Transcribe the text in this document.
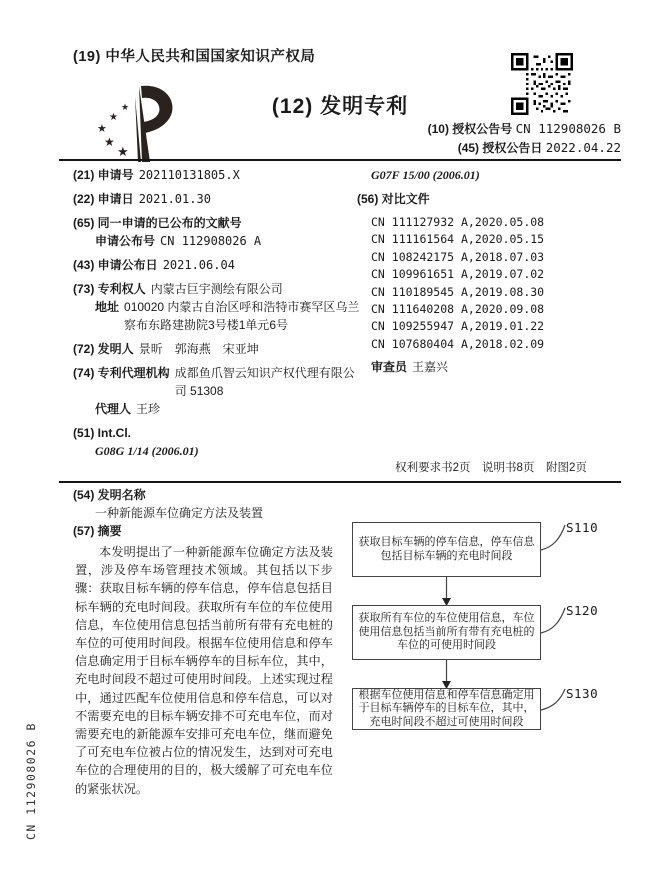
(19) 中华人民共和国国家知识产权局
★
★
★
★
★
(12) 发明专利
(10) 授权公告号 CN 112908026 B
(45) 授权公告日 2022.04.22
(21) 申请号 202110131805.X
(22) 申请日 2021.01.30
(65) 同一申请的已公布的文献号
申请公布号 CN 112908026 A
(43) 申请公布日 2021.06.04
(73) 专利权人 内蒙古巨宇测绘有限公司
地址 010020 内蒙古自治区呼和浩特市赛罕区乌兰察布东路建勘院3号楼1单元6号
(72) 发明人 景昕　郭海燕　宋亚坤
(74) 专利代理机构 成都鱼爪智云知识产权代理有限公司 51308
代理人 王珍
(51) Int.Cl.
G08G 1/14 (2006.01)
G07F 15/00 (2006.01)
(56) 对比文件
CN 111127932 A,2020.05.08
CN 111161564 A,2020.05.15
CN 108242175 A,2018.07.03
CN 109961651 A,2019.07.02
CN 110189545 A,2019.08.30
CN 111640208 A,2020.09.08
CN 109255947 A,2019.01.22
CN 107680404 A,2018.02.09
审查员 王嘉兴
权利要求书2页　说明书8页　附图2页
(54) 发明名称
一种新能源车位确定方法及装置
(57) 摘要
本发明提出了一种新能源车位确定方法及装置，涉及停车场管理技术领域。其包括以下步骤：获取目标车辆的停车信息，停车信息包括目标车辆的充电时间段。获取所有车位的车位使用信息，车位使用信息包括当前所有带有充电桩的车位的可使用时间段。根据车位使用信息和停车信息确定用于目标车辆停车的目标车位，其中，充电时间段不超过可使用时间段。上述实现过程中，通过匹配车位使用信息和停车信息，可以对不需要充电的目标车辆安排不可充电车位，而对需要充电的新能源车安排可充电车位，继而避免了可充电车位被占位的情况发生，达到对可充电车位的合理使用的目的，极大缓解了可充电车位的紧张状况。
获取目标车辆的停车信息，停车信息包括目标车辆的充电时间段
获取所有车位的车位使用信息，车位使用信息包括当前所有带有充电桩的车位的可使用时间段
根据车位使用信息和停车信息确定用于目标车辆停车的目标车位，其中，充电时间段不超过可使用时间段
S110
S120
S130
CN 112908026 B
